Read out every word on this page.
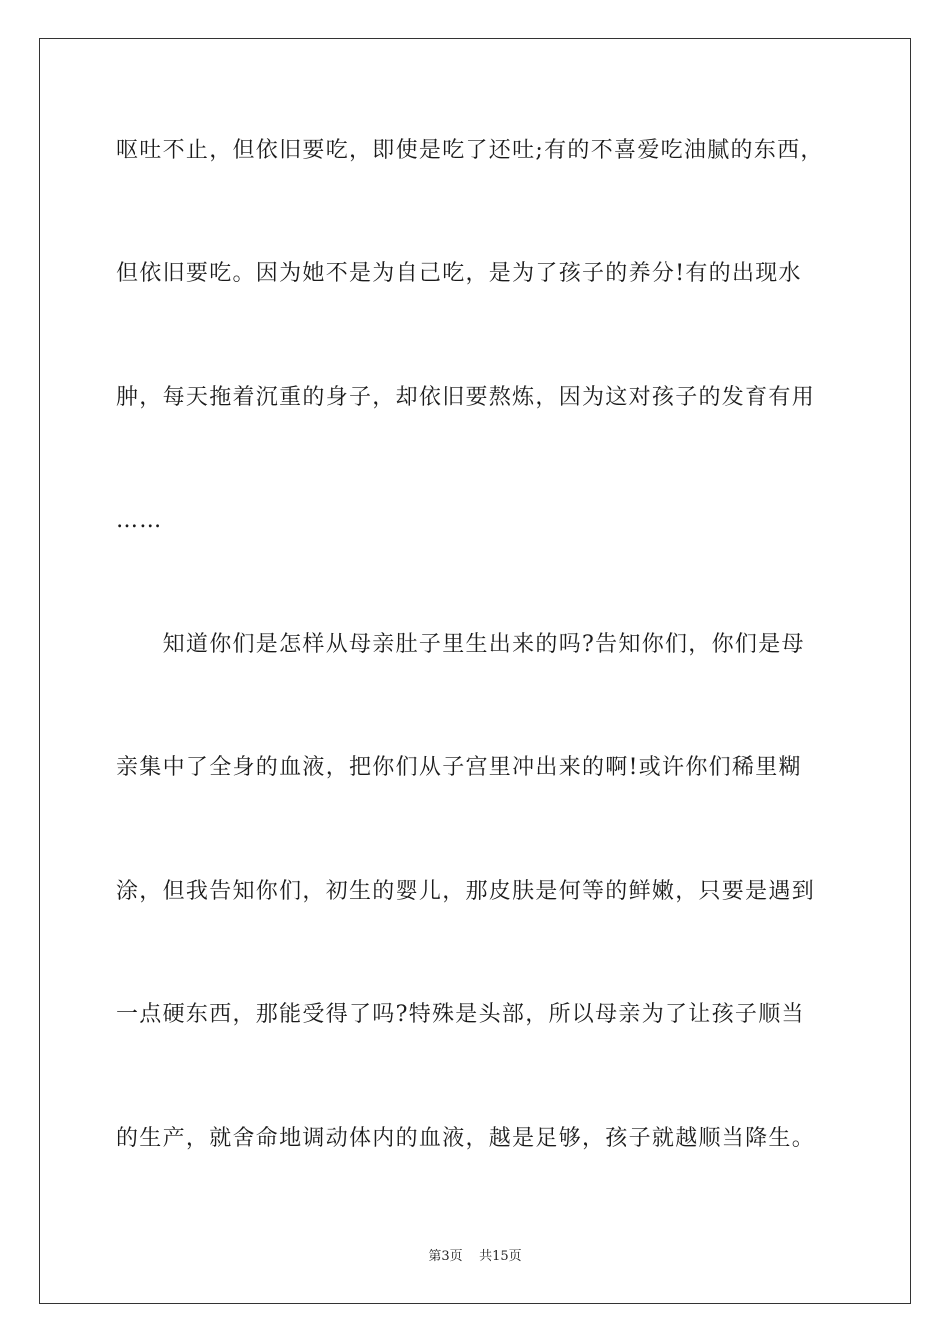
呕吐不止，但依旧要吃，即使是吃了还吐;有的不喜爱吃油腻的东西，
但依旧要吃。因为她不是为自己吃，是为了孩子的养分!有的出现水
肿，每天拖着沉重的身子，却依旧要熬炼，因为这对孩子的发育有用
……
　　知道你们是怎样从母亲肚子里生出来的吗?告知你们，你们是母
亲集中了全身的血液，把你们从子宫里冲出来的啊!或许你们稀里糊
涂，但我告知你们，初生的婴儿，那皮肤是何等的鲜嫩，只要是遇到
一点硬东西，那能受得了吗?特殊是头部，所以母亲为了让孩子顺当
的生产，就舍命地调动体内的血液，越是足够，孩子就越顺当降生。
第3页 共15页
